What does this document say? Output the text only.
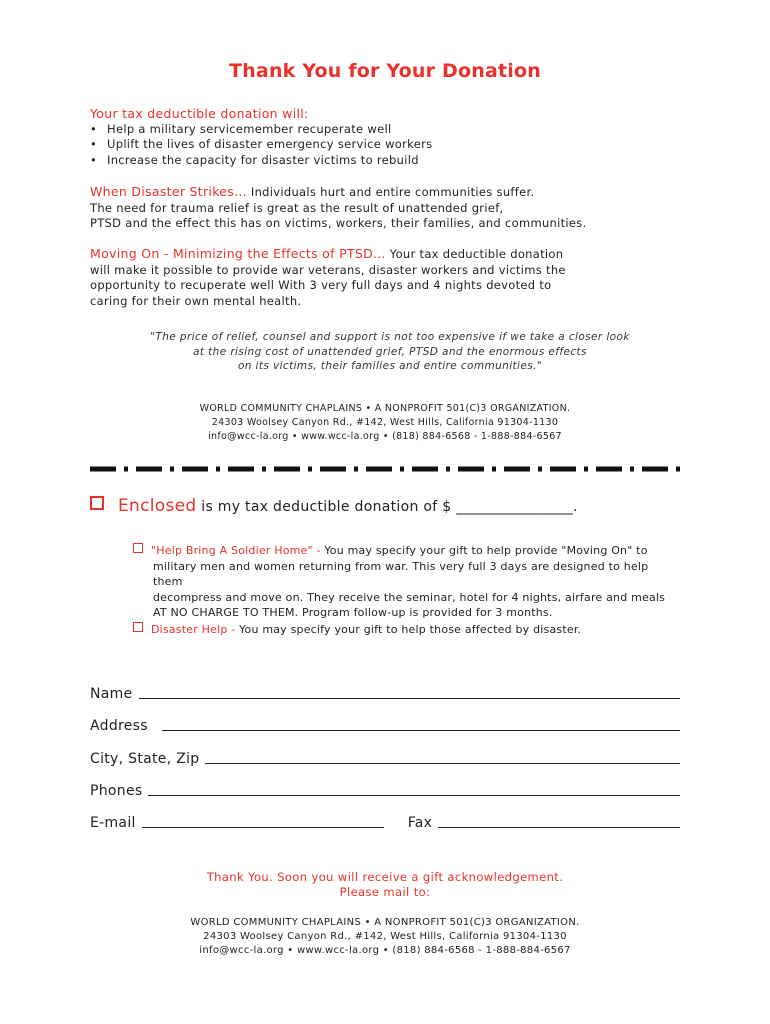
Thank You for Your Donation
Your tax deductible donation will:
• Help a military servicemember recuperate well
• Uplift the lives of disaster emergency service workers
• Increase the capacity for disaster victims to rebuild
When Disaster Strikes... Individuals hurt and entire communities suffer.
The need for trauma relief is great as the result of unattended grief,
PTSD and the effect this has on victims, workers, their families, and communities.
Moving On - Minimizing the Effects of PTSD... Your tax deductible donation
will make it possible to provide war veterans, disaster workers and victims the
opportunity to recuperate well With 3 very full days and 4 nights devoted to
caring for their own mental health.
"The price of relief, counsel and support is not too expensive if we take a closer look
at the rising cost of unattended grief, PTSD and the enormous effects
on its victims, their families and entire communities."
WORLD COMMUNITY CHAPLAINS • A NONPROFIT 501(C)3 ORGANIZATION.
24303 Woolsey Canyon Rd., #142, West Hills, California 91304-1130
info@wcc-la.org • www.wcc-la.org • (818) 884-6568 - 1-888-884-6567
Enclosed is my tax deductible donation of $ ________________.
"Help Bring A Soldier Home" - You may specify your gift to help provide "Moving On" to
military men and women returning from war. This very full 3 days are designed to help them
decompress and move on. They receive the seminar, hotel for 4 nights, airfare and meals
AT NO CHARGE TO THEM. Program follow-up is provided for 3 months.
Disaster Help - You may specify your gift to help those affected by disaster.
Name
Address
City, State, Zip
Phones
E-mail	Fax
Thank You. Soon you will receive a gift acknowledgement.
Please mail to:
WORLD COMMUNITY CHAPLAINS • A NONPROFIT 501(C)3 ORGANIZATION.
24303 Woolsey Canyon Rd., #142, West Hills, California 91304-1130
info@wcc-la.org • www.wcc-la.org • (818) 884-6568 - 1-888-884-6567
